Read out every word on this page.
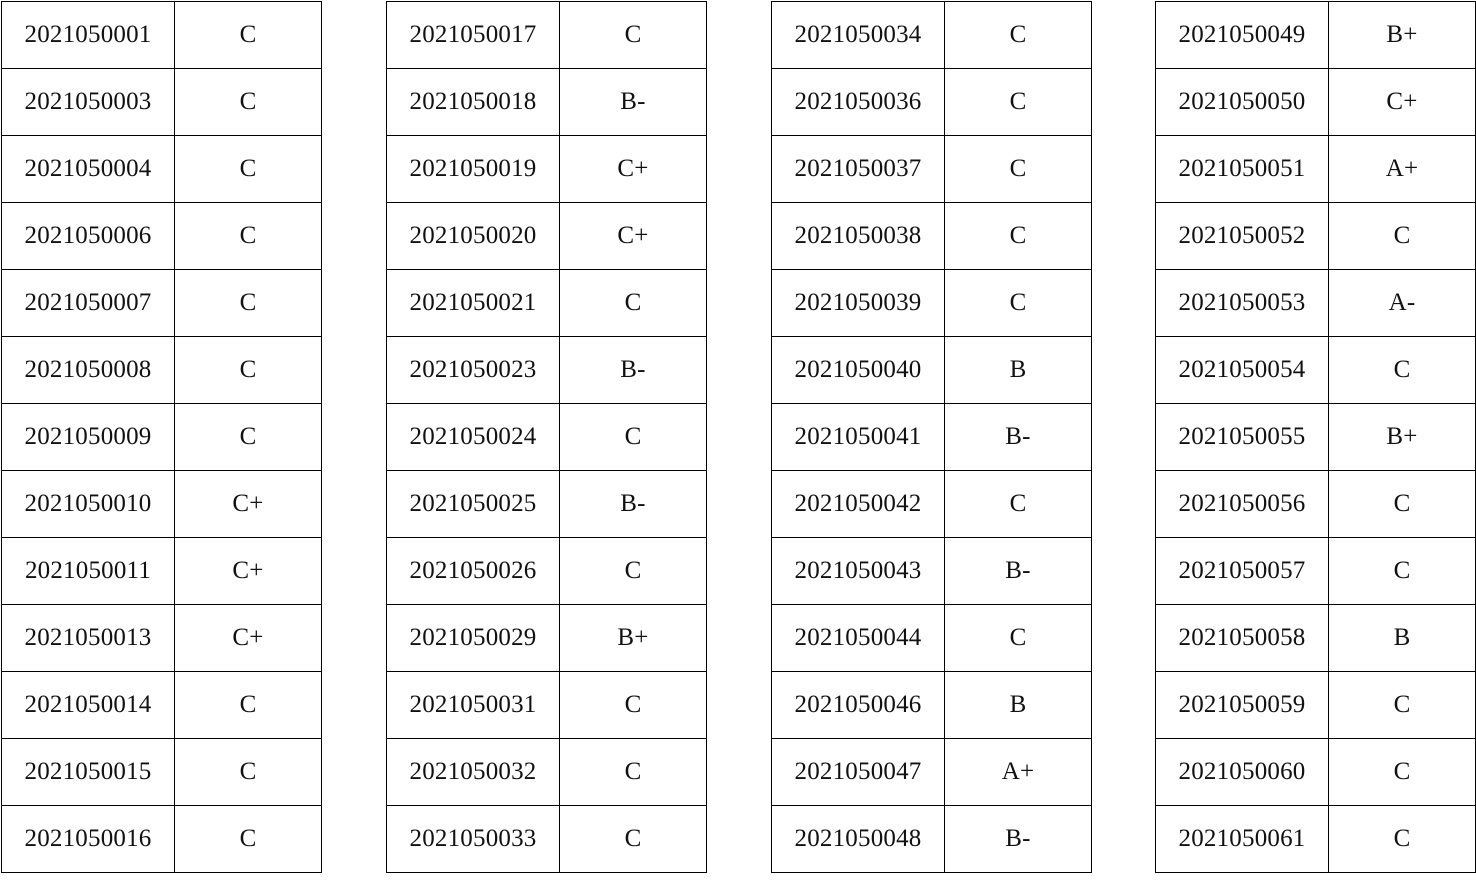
2021050001	C
2021050003	C
2021050004	C
2021050006	C
2021050007	C
2021050008	C
2021050009	C
2021050010	C+
2021050011	C+
2021050013	C+
2021050014	C
2021050015	C
2021050016	C
2021050017	C
2021050018	B-
2021050019	C+
2021050020	C+
2021050021	C
2021050023	B-
2021050024	C
2021050025	B-
2021050026	C
2021050029	B+
2021050031	C
2021050032	C
2021050033	C
2021050034	C
2021050036	C
2021050037	C
2021050038	C
2021050039	C
2021050040	B
2021050041	B-
2021050042	C
2021050043	B-
2021050044	C
2021050046	B
2021050047	A+
2021050048	B-
2021050049	B+
2021050050	C+
2021050051	A+
2021050052	C
2021050053	A-
2021050054	C
2021050055	B+
2021050056	C
2021050057	C
2021050058	B
2021050059	C
2021050060	C
2021050061	C
